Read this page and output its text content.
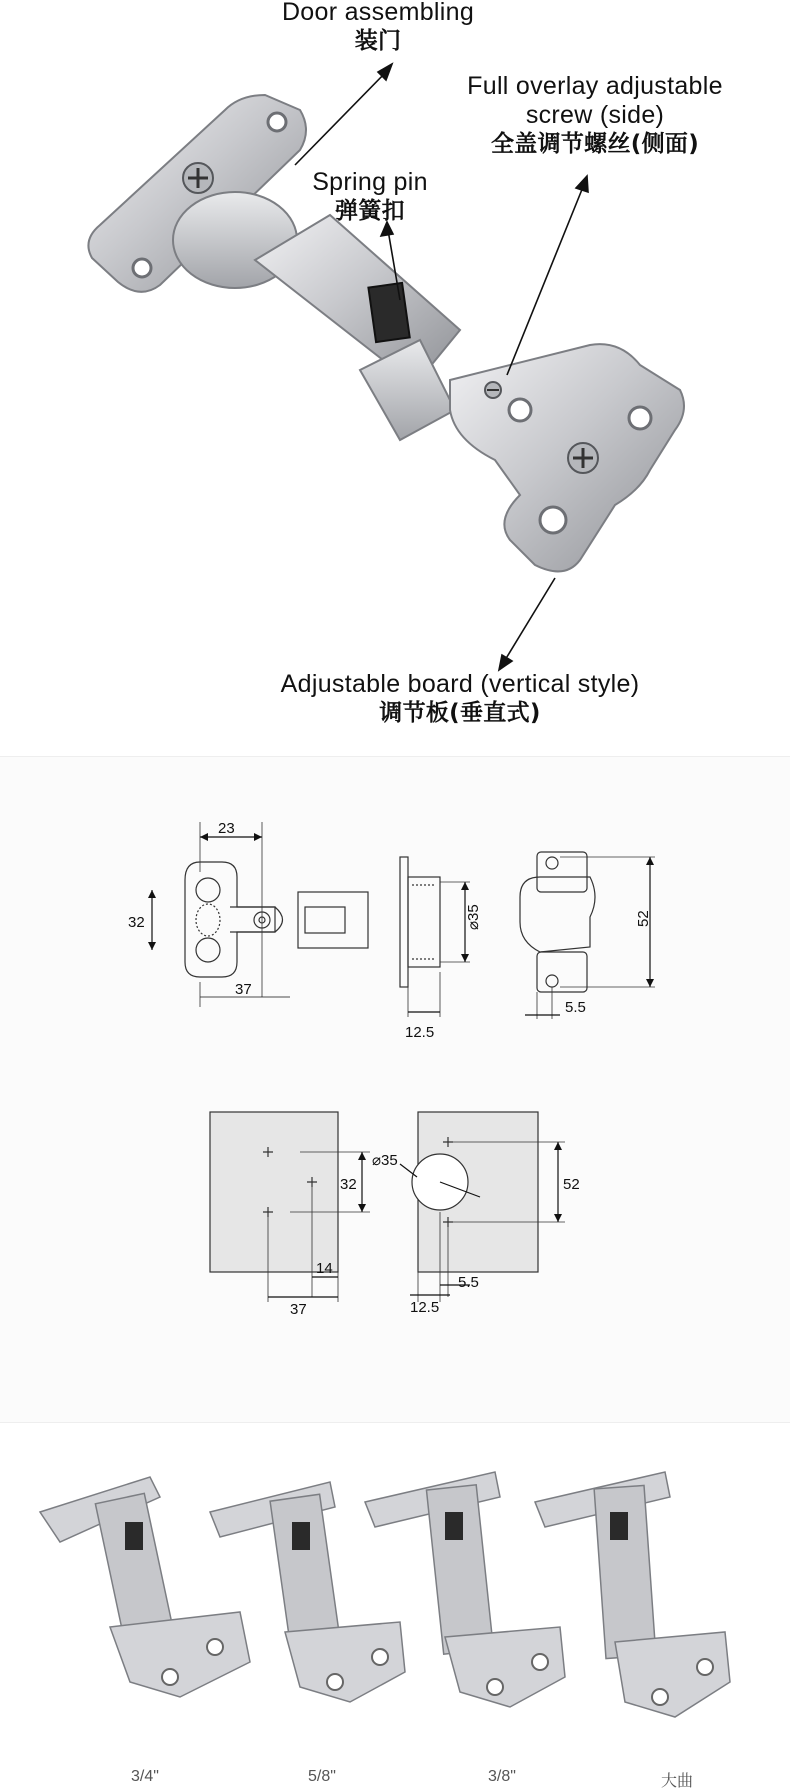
Door assembling
装门
Full overlay adjustable
screw (side)
全盖调节螺丝(侧面)
Spring pin
弹簧扣
Adjustable board (vertical style)
调节板(垂直式)
23
32
37
⌀35
12.5
52
5.5
32
14
37
⌀35
52
12.5
5.5
3/4"	5/8"	3/8"	大曲
